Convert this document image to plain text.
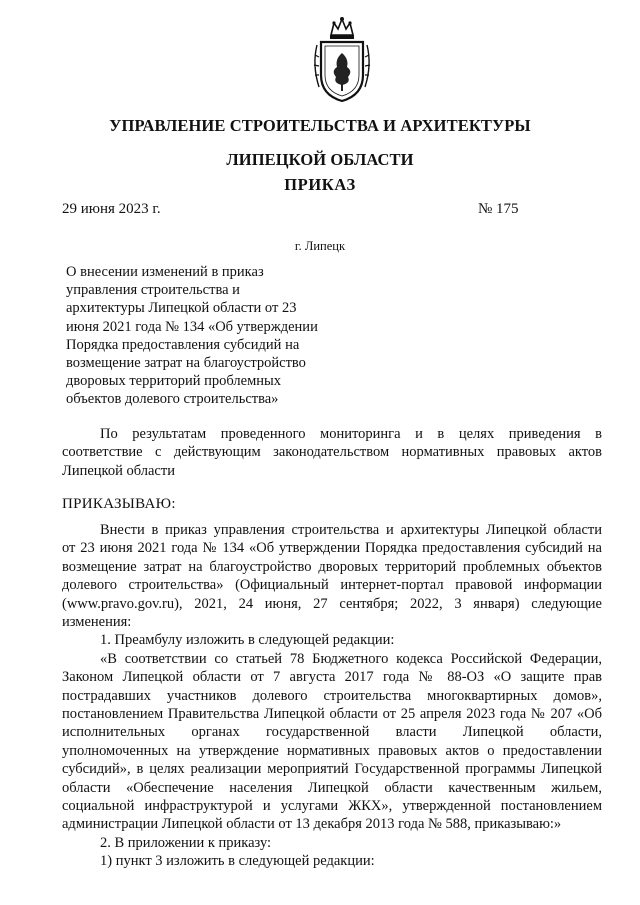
УПРАВЛЕНИЕ СТРОИТЕЛЬСТВА И АРХИТЕКТУРЫ
ЛИПЕЦКОЙ ОБЛАСТИ
ПРИКАЗ
29 июня 2023 г.	№ 175
г. Липецк
О внесении изменений в приказ
управления строительства и
архитектуры Липецкой области от 23
июня 2021 года № 134 «Об утверждении
Порядка предоставления субсидий на
возмещение затрат на благоустройство
дворовых территорий проблемных
объектов долевого строительства»
По результатам проведенного мониторинга и в целях приведения в
соответствие с действующим законодательством нормативных правовых актов
Липецкой области
ПРИКАЗЫВАЮ:
Внести в приказ управления строительства и архитектуры Липецкой области
от 23 июня 2021 года № 134 «Об утверждении Порядка предоставления субсидий на
возмещение затрат на благоустройство дворовых территорий проблемных объектов
долевого строительства» (Официальный интернет-портал правовой информации
(www.pravo.gov.ru), 2021, 24 июня, 27 сентября; 2022, 3 января) следующие
изменения:
1. Преамбулу изложить в следующей редакции:
«В соответствии со статьей 78 Бюджетного кодекса Российской Федерации,
Законом Липецкой области от 7 августа 2017 года № 88-ОЗ «О защите прав
пострадавших участников долевого строительства многоквартирных домов»,
постановлением Правительства Липецкой области от 25 апреля 2023 года № 207 «Об
исполнительных органах государственной власти Липецкой области,
уполномоченных на утверждение нормативных правовых актов о предоставлении
субсидий», в целях реализации мероприятий Государственной программы Липецкой
области «Обеспечение населения Липецкой области качественным жильем,
социальной инфраструктурой и услугами ЖКХ», утвержденной постановлением
администрации Липецкой области от 13 декабря 2013 года № 588, приказываю:»
2. В приложении к приказу:
1) пункт 3 изложить в следующей редакции:
